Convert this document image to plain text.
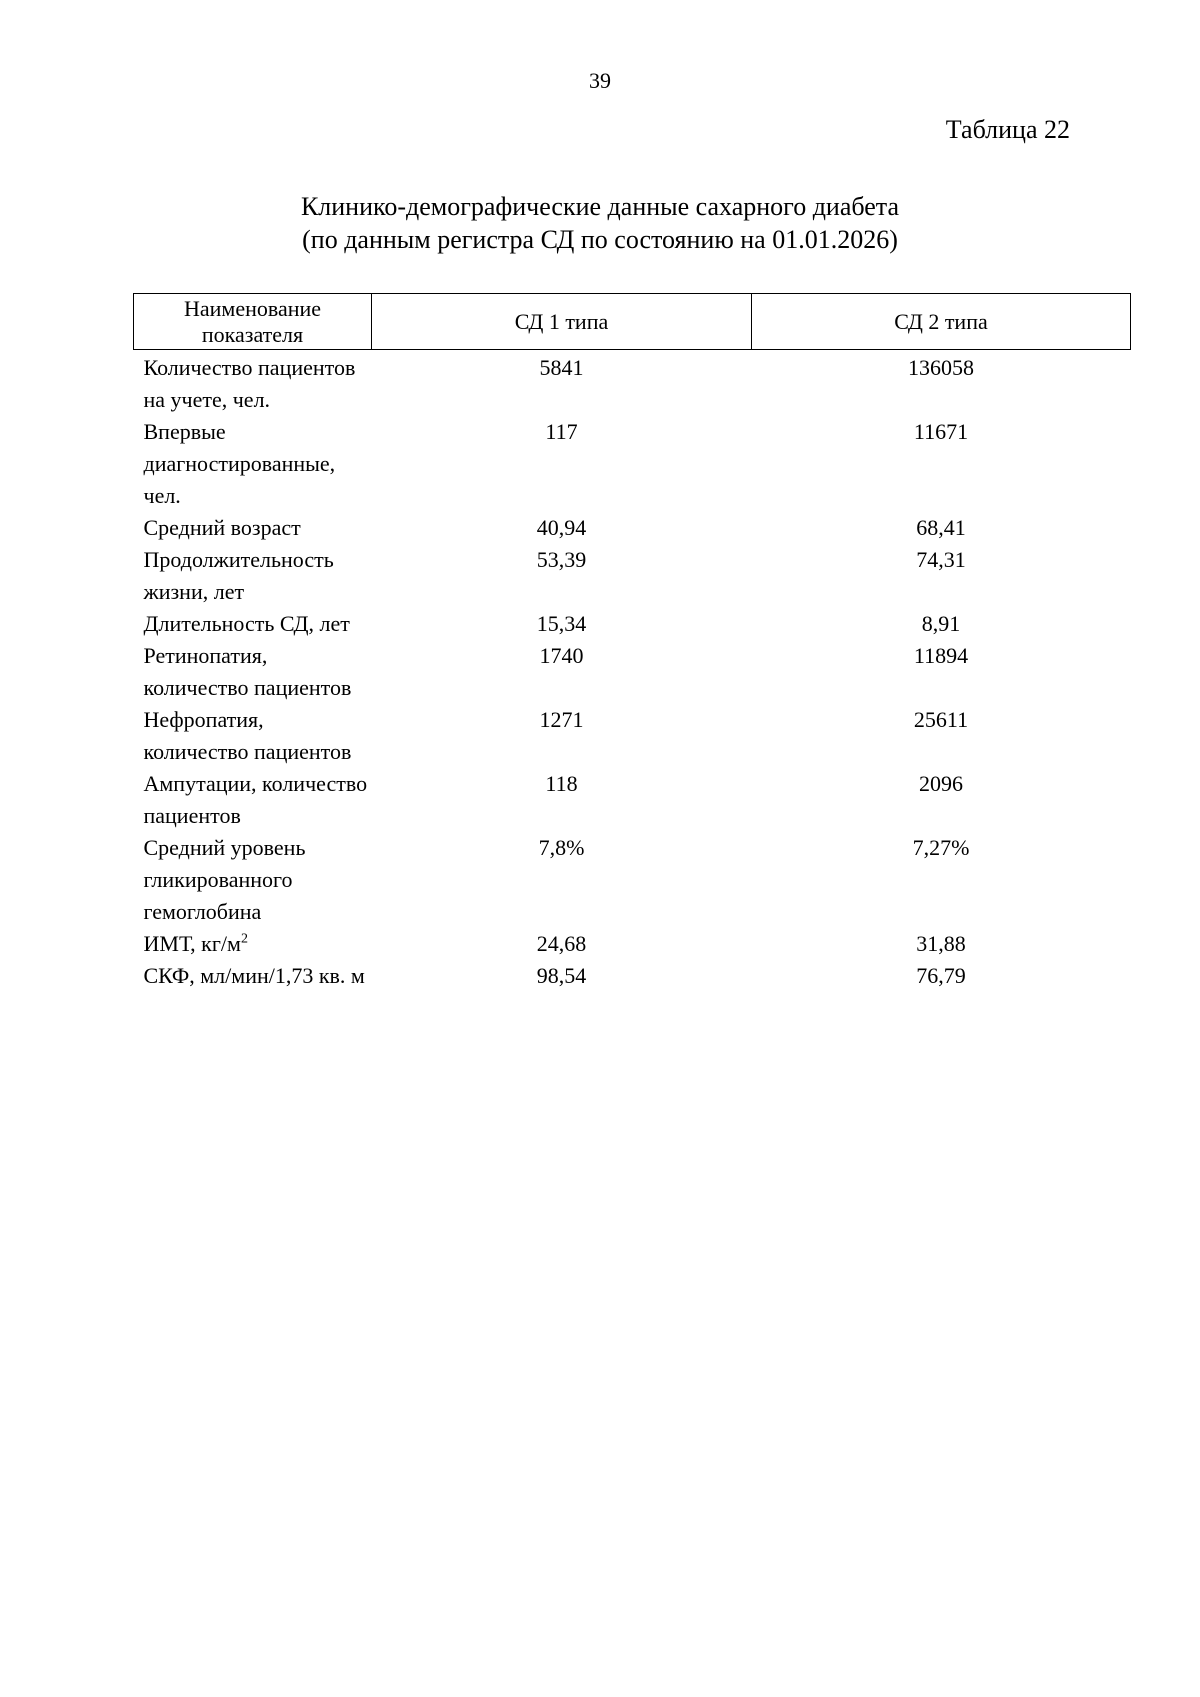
39
Таблица 22
Клинико-демографические данные сахарного диабета
(по данным регистра СД по состоянию на 01.01.2026)
Наименование показателя	СД 1 типа	СД 2 типа
Количество пациентов на учете, чел.	5841	136058
Впервые диагностированные, чел.	117	11671
Средний возраст	40,94	68,41
Продолжительность жизни, лет	53,39	74,31
Длительность СД, лет	15,34	8,91
Ретинопатия, количество пациентов	1740	11894
Нефропатия, количество пациентов	1271	25611
Ампутации, количество пациентов	118	2096
Средний уровень гликированного гемоглобина	7,8%	7,27%
ИМТ, $кг/м^2$	24,68	31,88
СКФ, мл/мин/1,73 кв. м	98,54	76,79
